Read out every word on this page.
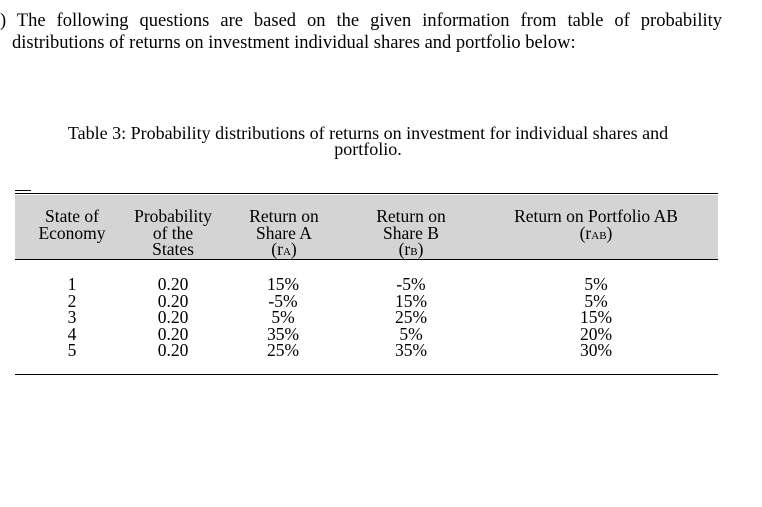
) The following questions are based on the given information from table of probability
distributions of returns on investment individual shares and portfolio below:
Table 3: Probability distributions of returns on investment for individual shares and
portfolio.
State of
Economy
Probability
of the
States
Return on
Share A
(rA)
Return on
Share B
(rB)
Return on Portfolio AB
(rAB)
1
2
3
4
5
0.20
0.20
0.20
0.20
0.20
15%
-5%
5%
35%
25%
-5%
15%
25%
5%
35%
5%
5%
15%
20%
30%
